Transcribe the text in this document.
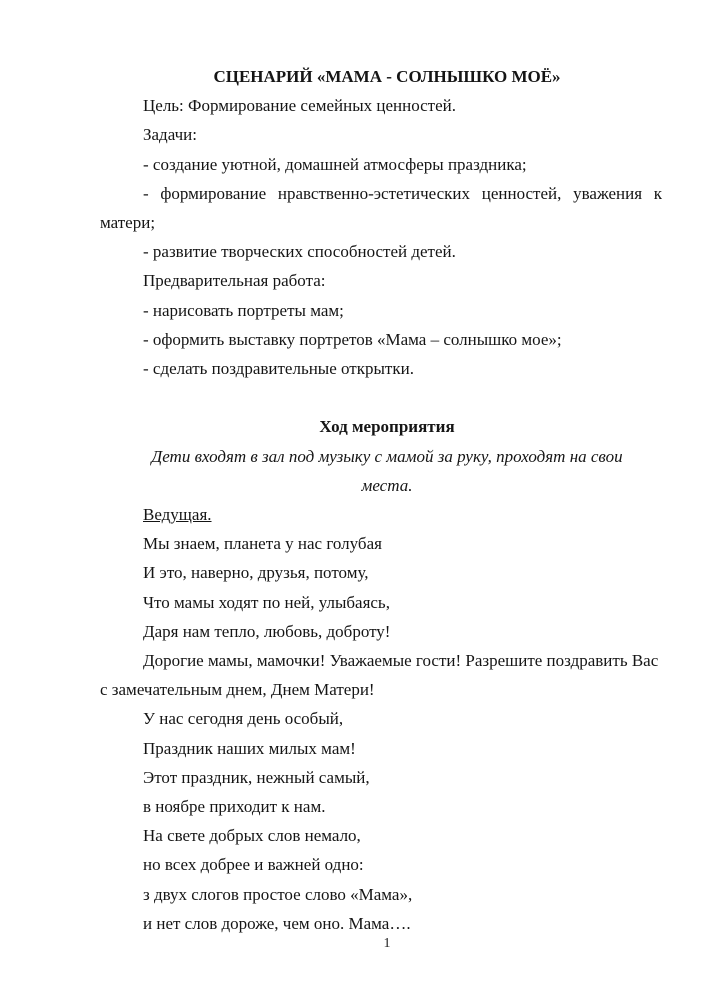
СЦЕНАРИЙ «МАМА - СОЛНЫШКО МОЁ»

Цель: Формирование семейных ценностей.

Задачи:

- создание уютной, домашней атмосферы праздника;

- формирование нравственно-эстетических ценностей, уважения к

матери;

- развитие творческих способностей детей.

Предварительная работа:

- нарисовать портреты мам;

- оформить выставку портретов «Мама – солнышко мое»;

- сделать поздравительные открытки.

Ход мероприятия

Дети входят в зал под музыку с мамой за руку, проходят на свои

места.

Ведущая.

Мы знаем, планета у нас голубая

И это, наверно, друзья, потому,

Что мамы ходят по ней, улыбаясь,

Даря нам тепло, любовь, доброту!

Дорогие мамы, мамочки! Уважаемые гости! Разрешите поздравить Вас

с замечательным днем, Днем Матери!

У нас сегодня день особый,

Праздник наших милых мам!

Этот праздник, нежный самый,

в ноябре приходит к нам.

На свете добрых слов немало,

но всех добрее и важней одно:

з двух слогов простое слово «Мама»,

и нет слов дороже, чем оно. Мама….

1
